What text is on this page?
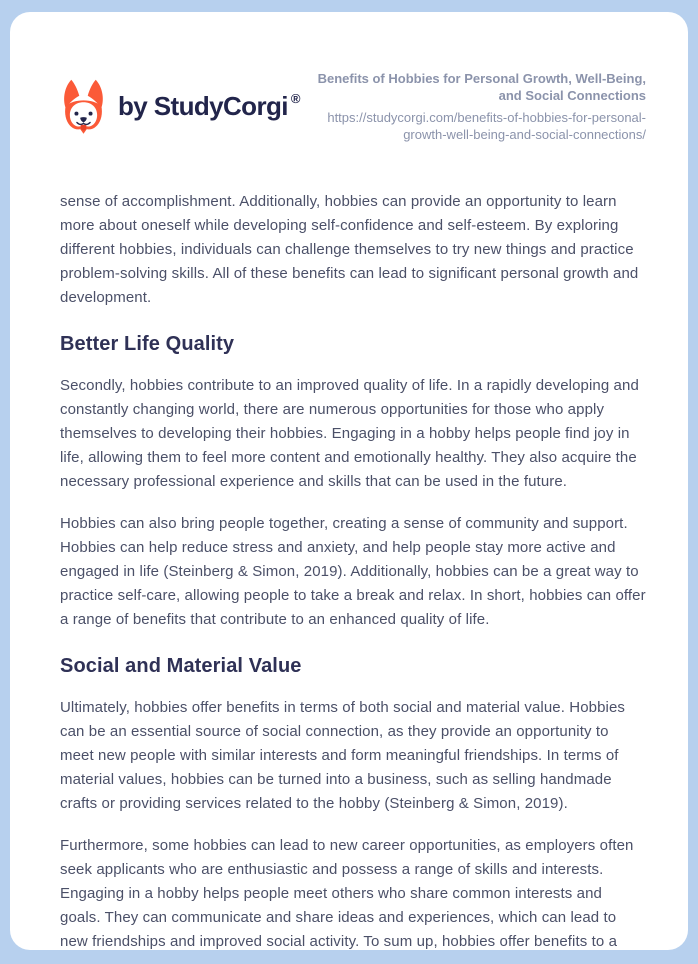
by StudyCorgi ®
Benefits of Hobbies for Personal Growth, Well-Being, and Social Connections
https://studycorgi.com/benefits-of-hobbies-for-personal-growth-well-being-and-social-connections/

sense of accomplishment. Additionally, hobbies can provide an opportunity to learn more about oneself while developing self-confidence and self-esteem. By exploring different hobbies, individuals can challenge themselves to try new things and practice problem-solving skills. All of these benefits can lead to significant personal growth and development.

Better Life Quality

Secondly, hobbies contribute to an improved quality of life. In a rapidly developing and constantly changing world, there are numerous opportunities for those who apply themselves to developing their hobbies. Engaging in a hobby helps people find joy in life, allowing them to feel more content and emotionally healthy. They also acquire the necessary professional experience and skills that can be used in the future.

Hobbies can also bring people together, creating a sense of community and support. Hobbies can help reduce stress and anxiety, and help people stay more active and engaged in life (Steinberg & Simon, 2019). Additionally, hobbies can be a great way to practice self-care, allowing people to take a break and relax. In short, hobbies can offer a range of benefits that contribute to an enhanced quality of life.

Social and Material Value

Ultimately, hobbies offer benefits in terms of both social and material value. Hobbies can be an essential source of social connection, as they provide an opportunity to meet new people with similar interests and form meaningful friendships. In terms of material values, hobbies can be turned into a business, such as selling handmade crafts or providing services related to the hobby (Steinberg & Simon, 2019).

Furthermore, some hobbies can lead to new career opportunities, as employers often seek applicants who are enthusiastic and possess a range of skills and interests. Engaging in a hobby helps people meet others who share common interests and goals. They can communicate and share ideas and experiences, which can lead to new friendships and improved social activity. To sum up, hobbies offer benefits to a
